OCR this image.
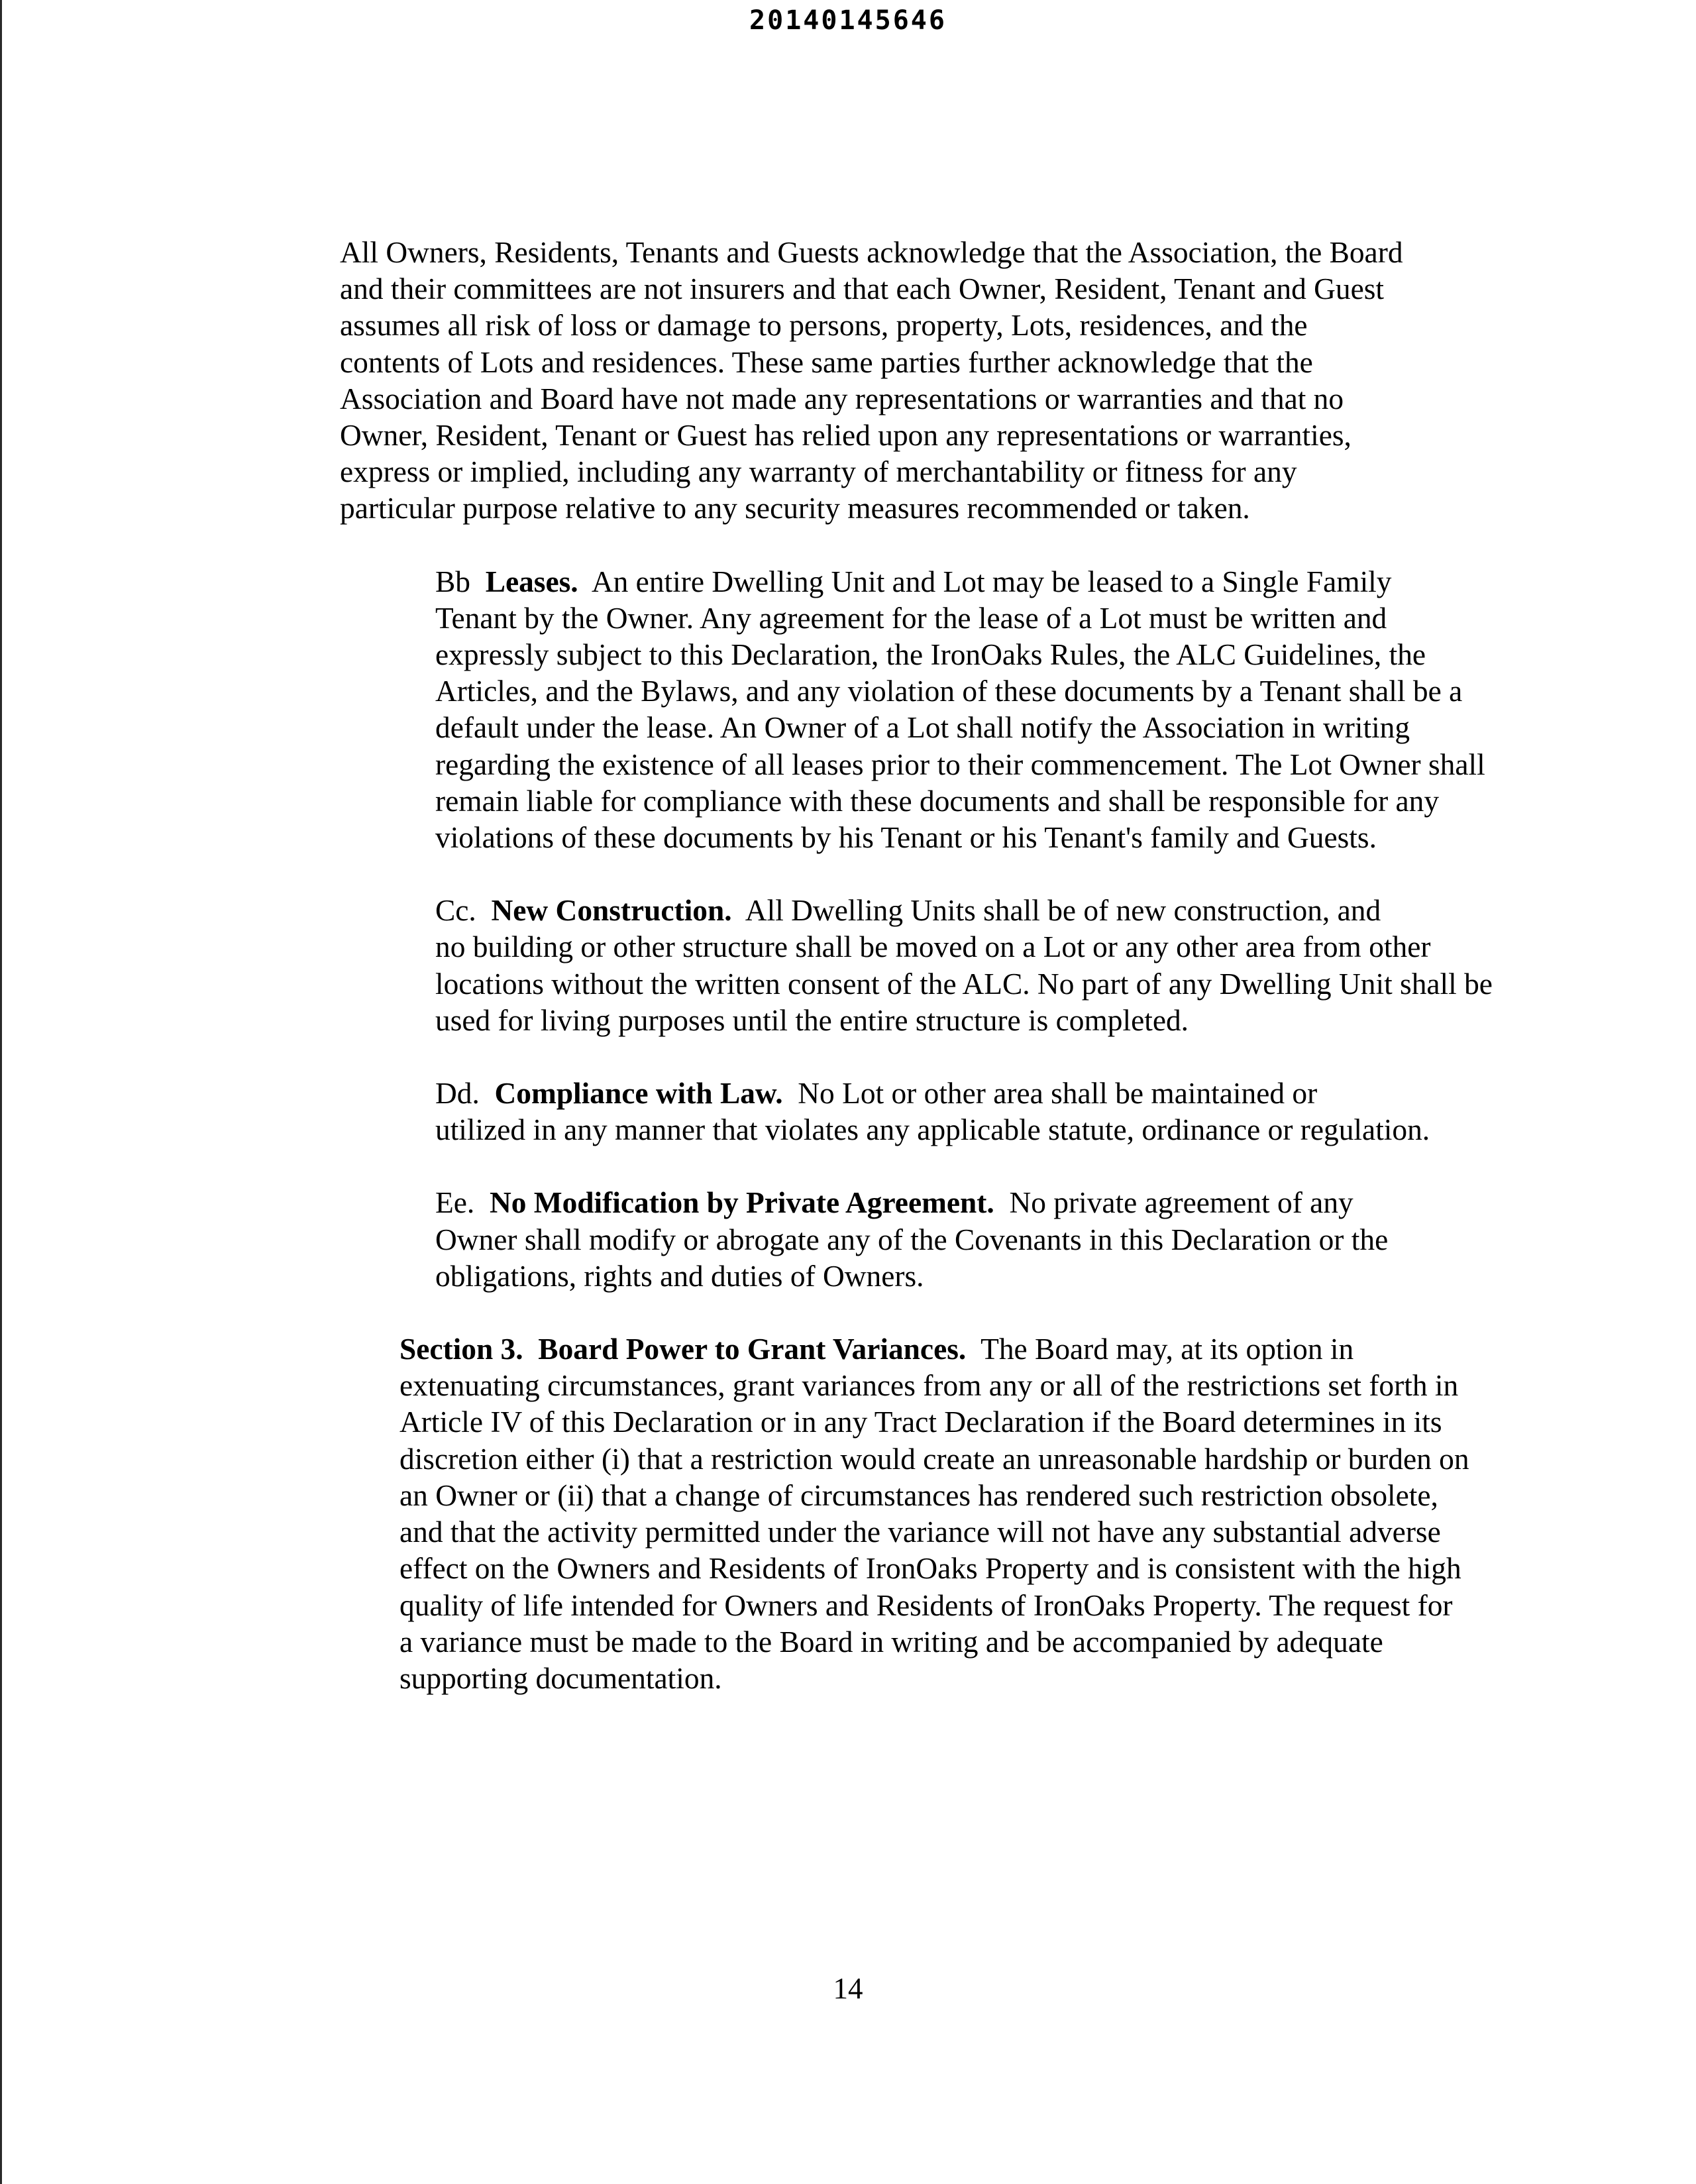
20140145646

All Owners, Residents, Tenants and Guests acknowledge that the Association, the Board
and their committees are not insurers and that each Owner, Resident, Tenant and Guest
assumes all risk of loss or damage to persons, property, Lots, residences, and the
contents of Lots and residences. These same parties further acknowledge that the
Association and Board have not made any representations or warranties and that no
Owner, Resident, Tenant or Guest has relied upon any representations or warranties,
express or implied, including any warranty of merchantability or fitness for any
particular purpose relative to any security measures recommended or taken.

Bb Leases. An entire Dwelling Unit and Lot may be leased to a Single Family
Tenant by the Owner. Any agreement for the lease of a Lot must be written and
expressly subject to this Declaration, the IronOaks Rules, the ALC Guidelines, the
Articles, and the Bylaws, and any violation of these documents by a Tenant shall be a
default under the lease. An Owner of a Lot shall notify the Association in writing
regarding the existence of all leases prior to their commencement. The Lot Owner shall
remain liable for compliance with these documents and shall be responsible for any
violations of these documents by his Tenant or his Tenant's family and Guests.

Cc. New Construction. All Dwelling Units shall be of new construction, and
no building or other structure shall be moved on a Lot or any other area from other
locations without the written consent of the ALC. No part of any Dwelling Unit shall be
used for living purposes until the entire structure is completed.

Dd. Compliance with Law. No Lot or other area shall be maintained or
utilized in any manner that violates any applicable statute, ordinance or regulation.

Ee. No Modification by Private Agreement. No private agreement of any
Owner shall modify or abrogate any of the Covenants in this Declaration or the
obligations, rights and duties of Owners.

Section 3. Board Power to Grant Variances. The Board may, at its option in
extenuating circumstances, grant variances from any or all of the restrictions set forth in
Article IV of this Declaration or in any Tract Declaration if the Board determines in its
discretion either (i) that a restriction would create an unreasonable hardship or burden on
an Owner or (ii) that a change of circumstances has rendered such restriction obsolete,
and that the activity permitted under the variance will not have any substantial adverse
effect on the Owners and Residents of IronOaks Property and is consistent with the high
quality of life intended for Owners and Residents of IronOaks Property. The request for
a variance must be made to the Board in writing and be accompanied by adequate
supporting documentation.

14
